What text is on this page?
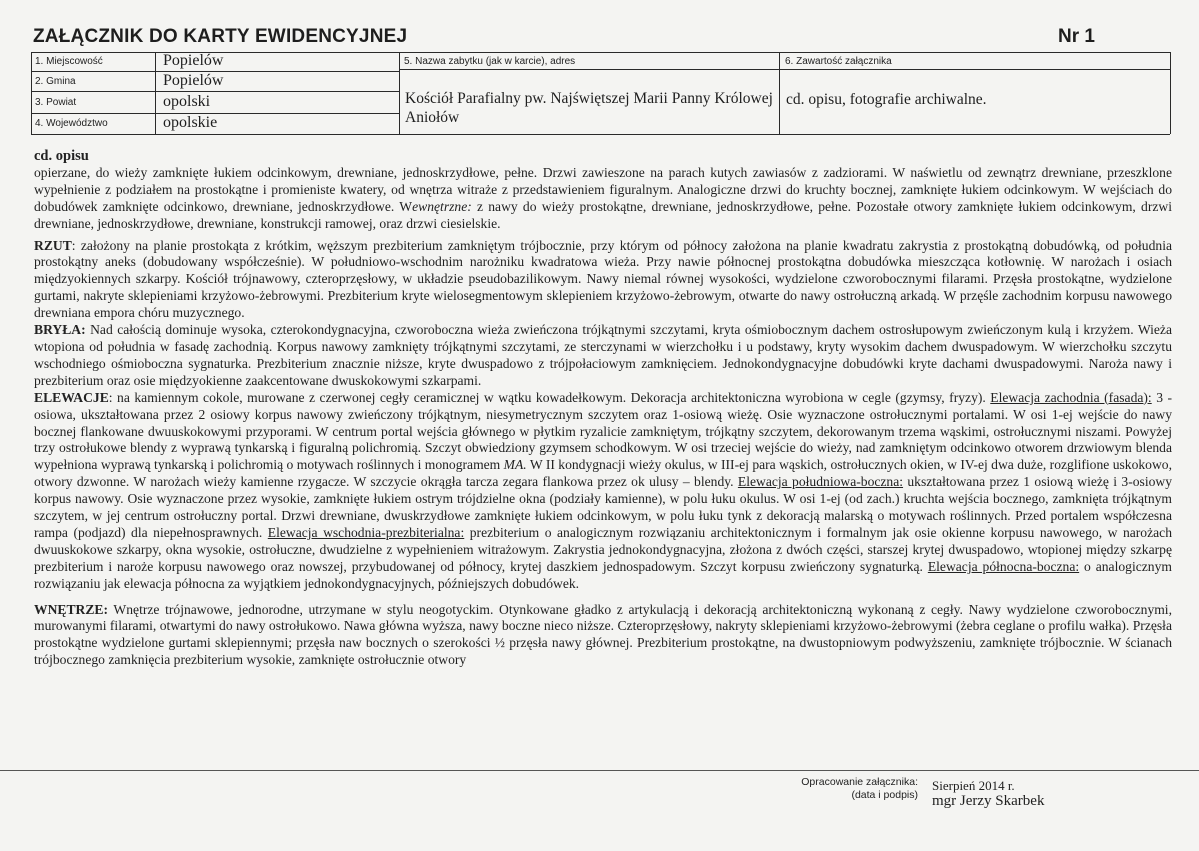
ZAŁĄCZNIK DO KARTY EWIDENCYJNEJ	Nr 1
1. Miejscowość	Popielów
2. Gmina	Popielów
3. Powiat	opolski
4. Województwo	opolskie
5. Nazwa zabytku (jak w karcie), adres
Kościół Parafialny pw. Najświętszej Marii Panny Królowej Aniołów
6. Zawartość załącznika
cd. opisu, fotografie archiwalne.
cd. opisu

opierzane, do wieży zamknięte łukiem odcinkowym, drewniane, jednoskrzydłowe, pełne. Drzwi zawieszone na parach kutych zawiasów z zadziorami. W naświetlu od zewnątrz drewniane, przeszklone wypełnienie z podziałem na prostokątne i promieniste kwatery, od wnętrza witraże z przedstawieniem figuralnym. Analogiczne drzwi do kruchty bocznej, zamknięte łukiem odcinkowym. W wejściach do dobudówek zamknięte odcinkowo, drewniane, jednoskrzydłowe. Wewnętrzne: z nawy do wieży prostokątne, drewniane, jednoskrzydłowe, pełne. Pozostałe otwory zamknięte łukiem odcinkowym, drzwi drewniane, jednoskrzydłowe, drewniane, konstrukcji ramowej, oraz drzwi ciesielskie.

RZUT: założony na planie prostokąta z krótkim, węższym prezbiterium zamkniętym trójbocznie, przy którym od północy założona na planie kwadratu zakrystia z prostokątną dobudówką, od południa prostokątny aneks (dobudowany współcześnie). W południowo-wschodnim narożniku kwadratowa wieża. Przy nawie północnej prostokątna dobudówka mieszcząca kotłownię. W narożach i osiach międzyokiennych szkarpy. Kościół trójnawowy, czteroprzęsłowy, w układzie pseudobazilikowym. Nawy niemal równej wysokości, wydzielone czworobocznymi filarami. Przęsła prostokątne, wydzielone gurtami, nakryte sklepieniami krzyżowo-żebrowymi. Prezbiterium kryte wielosegmentowym sklepieniem krzyżowo-żebrowym, otwarte do nawy ostrołuczną arkadą. W przęśle zachodnim korpusu nawowego drewniana empora chóru muzycznego.

BRYŁA: Nad całością dominuje wysoka, czterokondygnacyjna, czworoboczna wieża zwieńczona trójkątnymi szczytami, kryta ośmiobocznym dachem ostrosłupowym zwieńczonym kulą i krzyżem. Wieża wtopiona od południa w fasadę zachodnią. Korpus nawowy zamknięty trójkątnymi szczytami, ze sterczynami w wierzchołku i u podstawy, kryty wysokim dachem dwuspadowym. W wierzchołku szczytu wschodniego ośmioboczna sygnaturka. Prezbiterium znacznie niższe, kryte dwuspadowo z trójpołaciowym zamknięciem. Jednokondygnacyjne dobudówki kryte dachami dwuspadowymi. Naroża nawy i prezbiterium oraz osie międzyokienne zaakcentowane dwuskokowymi szkarpami.

ELEWACJE: na kamiennym cokole, murowane z czerwonej cegły ceramicznej w wątku kowadełkowym. Dekoracja architektoniczna wyrobiona w cegle (gzymsy, fryzy). Elewacja zachodnia (fasada): 3 - osiowa, ukształtowana przez 2 osiowy korpus nawowy zwieńczony trójkątnym, niesymetrycznym szczytem oraz 1-osiową wieżę. Osie wyznaczone ostrołucznymi portalami. W osi 1-ej wejście do nawy bocznej flankowane dwuuskokowymi przyporami. W centrum portal wejścia głównego w płytkim ryzalicie zamkniętym, trójkątny szczytem, dekorowanym trzema wąskimi, ostrołucznymi niszami. Powyżej trzy ostrołukowe blendy z wyprawą tynkarską i figuralną polichromią. Szczyt obwiedziony gzymsem schodkowym. W osi trzeciej wejście do wieży, nad zamkniętym odcinkowo otworem drzwiowym blenda wypełniona wyprawą tynkarską i polichromią o motywach roślinnych i monogramem MA. W II kondygnacji wieży okulus, w III-ej para wąskich, ostrołucznych okien, w IV-ej dwa duże, rozglifione uskokowo, otwory dzwonne. W narożach wieży kamienne rzygacze. W szczycie okrągła tarcza zegara flankowa przez ok ulusy – blendy. Elewacja południowa-boczna: ukształtowana przez 1 osiową wieżę i 3-osiowy korpus nawowy. Osie wyznaczone przez wysokie, zamknięte łukiem ostrym trójdzielne okna (podziały kamienne), w polu łuku okulus. W osi 1-ej (od zach.) kruchta wejścia bocznego, zamknięta trójkątnym szczytem, w jej centrum ostrołuczny portal. Drzwi drewniane, dwuskrzydłowe zamknięte łukiem odcinkowym, w polu łuku tynk z dekoracją malarską o motywach roślinnych. Przed portalem współczesna rampa (podjazd) dla niepełnosprawnych. Elewacja wschodnia-prezbiterialna: prezbiterium o analogicznym rozwiązaniu architektonicznym i formalnym jak osie okienne korpusu nawowego, w narożach dwuuskokowe szkarpy, okna wysokie, ostrołuczne, dwudzielne z wypełnieniem witrażowym. Zakrystia jednokondygnacyjna, złożona z dwóch części, starszej krytej dwuspadowo, wtopionej między szkarpę prezbiterium i naroże korpusu nawowego oraz nowszej, przybudowanej od północy, krytej daszkiem jednospadowym. Szczyt korpusu zwieńczony sygnaturką. Elewacja północna-boczna: o analogicznym rozwiązaniu jak elewacja północna za wyjątkiem jednokondygnacyjnych, późniejszych dobudówek.

WNĘTRZE: Wnętrze trójnawowe, jednorodne, utrzymane w stylu neogotyckim. Otynkowane gładko z artykulacją i dekoracją architektoniczną wykonaną z cegły. Nawy wydzielone czworobocznymi, murowanymi filarami, otwartymi do nawy ostrołukowo. Nawa główna wyższa, nawy boczne nieco niższe. Czteroprzęsłowy, nakryty sklepieniami krzyżowo-żebrowymi (żebra ceglane o profilu wałka). Przęsła prostokątne wydzielone gurtami sklepiennymi; przęsła naw bocznych o szerokości ½ przęsła nawy głównej. Prezbiterium prostokątne, na dwustopniowym podwyższeniu, zamknięte trójbocznie. W ścianach trójbocznego zamknięcia prezbiterium wysokie, zamknięte ostrołucznie otwory

Opracowanie załącznika:
(data i podpis)
Sierpień 2014 r.
mgr Jerzy Skarbek
